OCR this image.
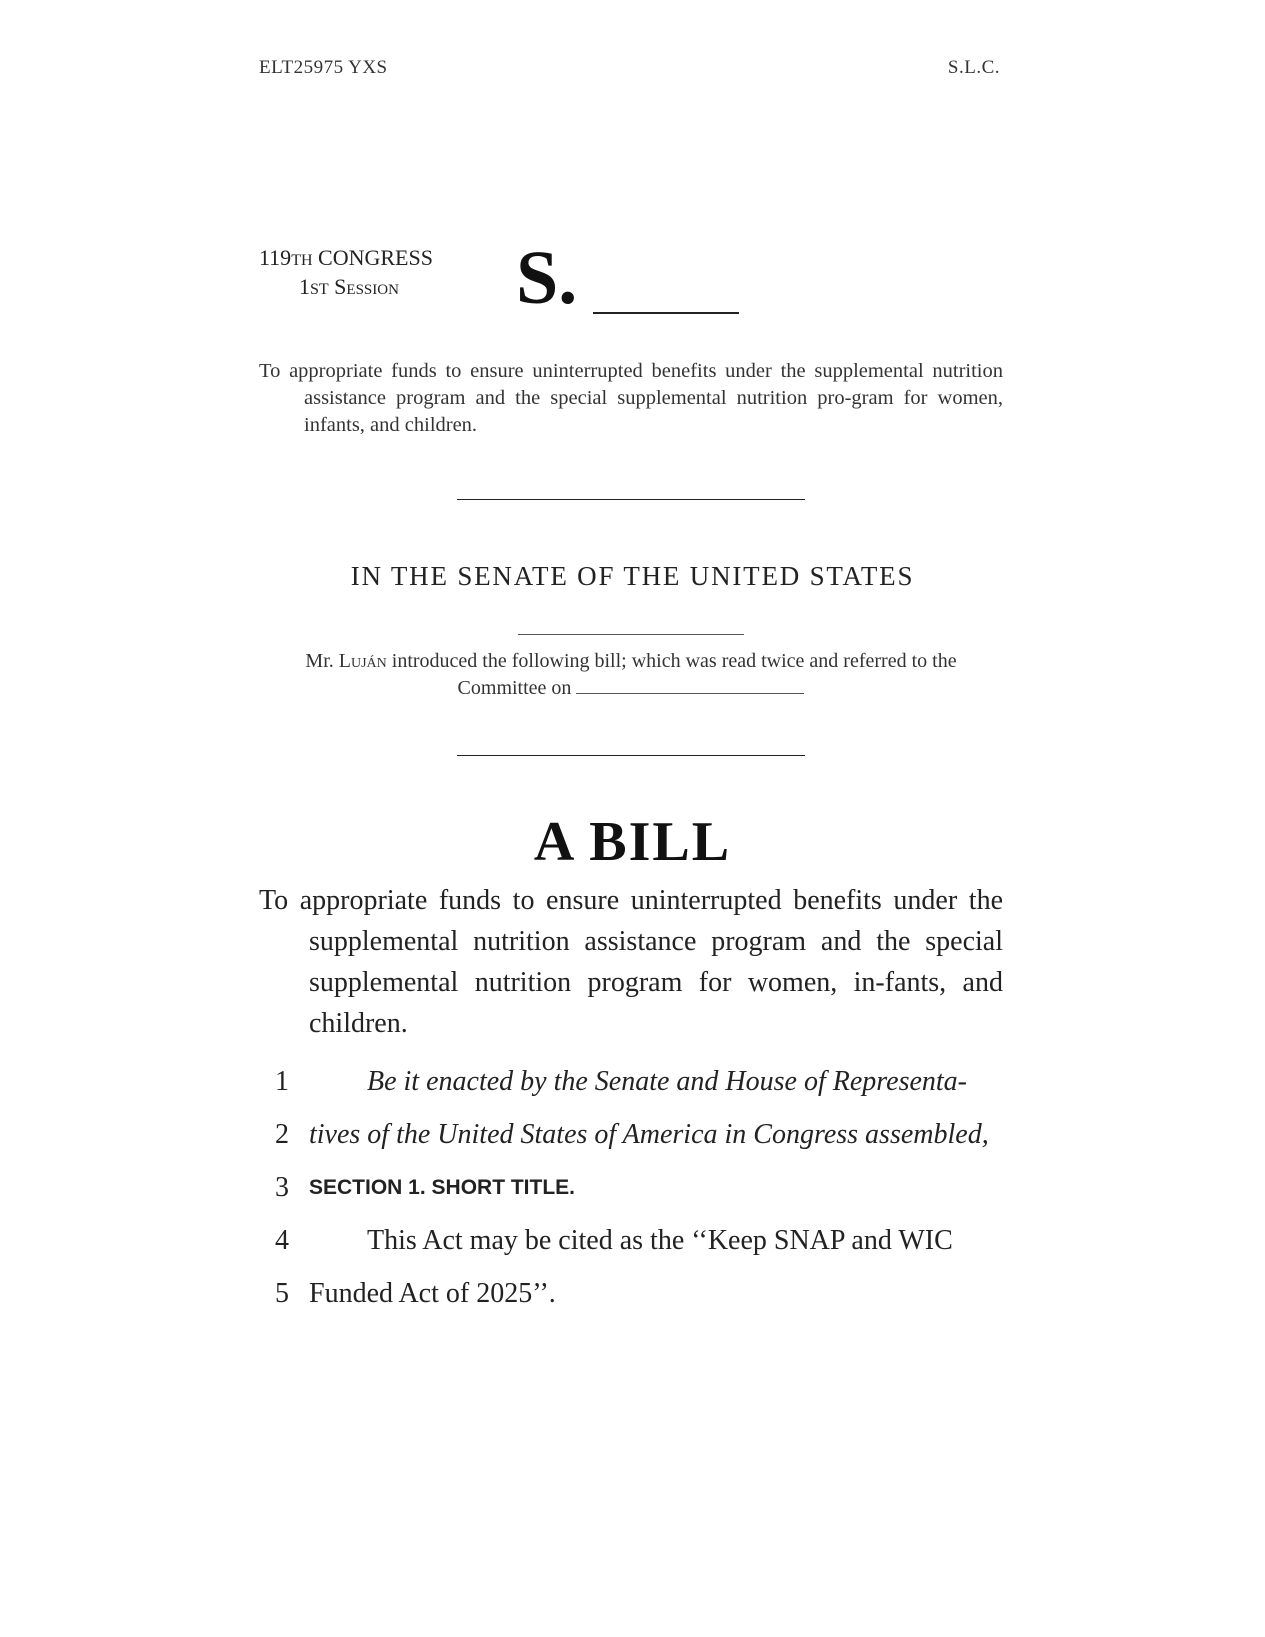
ELT25975 YXS	S.L.C.
119TH CONGRESS
1ST Session	S.
To appropriate funds to ensure uninterrupted benefits under the supplemental nutrition assistance program and the special supplemental nutrition pro-gram for women, infants, and children.
IN THE SENATE OF THE UNITED STATES
Mr. Luján introduced the following bill; which was read twice and referred to the Committee on
A BILL
To appropriate funds to ensure uninterrupted benefits under the supplemental nutrition assistance program and the special supplemental nutrition program for women, in-fants, and children.
1	Be it enacted by the Senate and House of Representa-
2 tives of the United States of America in Congress assembled,
3 SECTION 1. SHORT TITLE.
4	This Act may be cited as the ‘‘Keep SNAP and WIC
5 Funded Act of 2025’’.
